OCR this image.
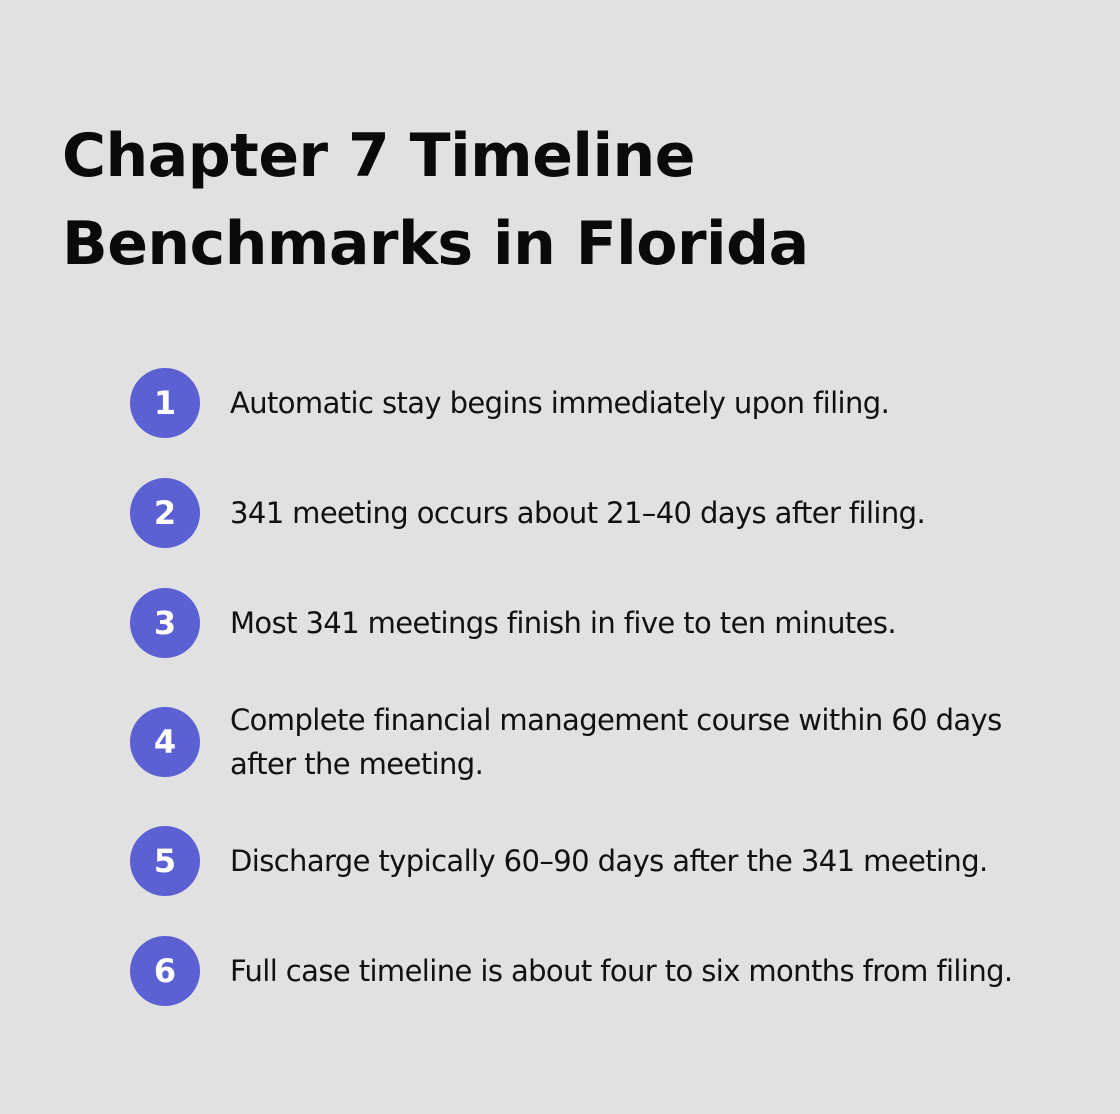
Chapter 7 Timeline
Benchmarks in Florida
1	Automatic stay begins immediately upon filing.
2	341 meeting occurs about 21–40 days after filing.
3	Most 341 meetings finish in five to ten minutes.
4
Complete financial management course within 60 days after the meeting.
5	Discharge typically 60–90 days after the 341 meeting.
6	Full case timeline is about four to six months from filing.
